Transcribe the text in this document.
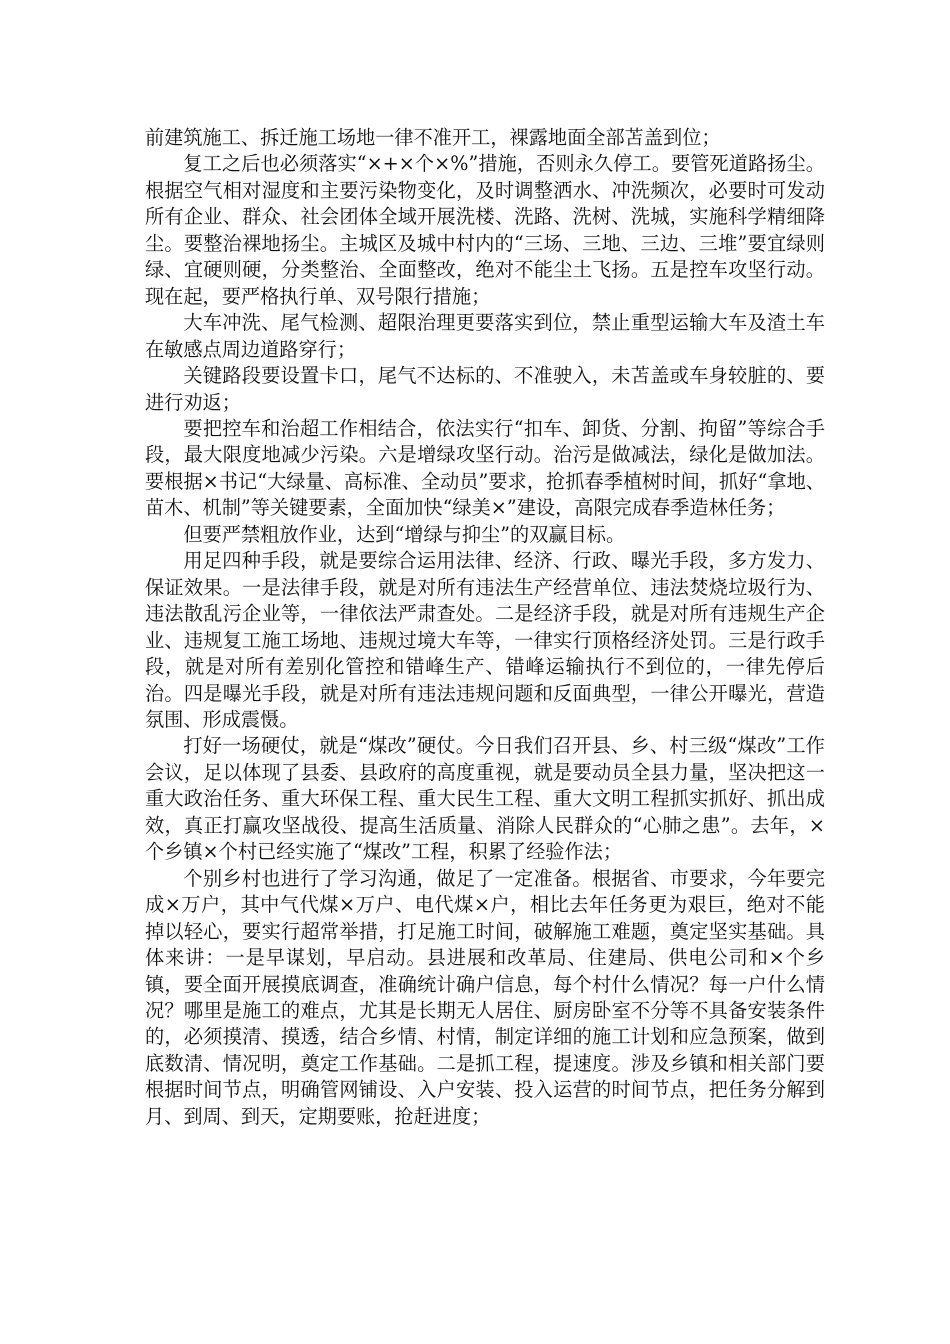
前建筑施工、拆迁施工场地一律不准开工，裸露地面全部苫盖到位；

复工之后也必须落实“×+×个×%”措施，否则永久停工。要管死道路扬尘。根据空气相对湿度和主要污染物变化，及时调整洒水、冲洗频次，必要时可发动所有企业、群众、社会团体全域开展洗楼、洗路、洗树、洗城，实施科学精细降尘。要整治裸地扬尘。主城区及城中村内的“三场、三地、三边、三堆”要宜绿则绿、宜硬则硬，分类整治、全面整改，绝对不能尘土飞扬。五是控车攻坚行动。现在起，要严格执行单、双号限行措施；

大车冲洗、尾气检测、超限治理更要落实到位，禁止重型运输大车及渣土车在敏感点周边道路穿行；

关键路段要设置卡口，尾气不达标的、不准驶入，未苫盖或车身较脏的、要进行劝返；

要把控车和治超工作相结合，依法实行“扣车、卸货、分割、拘留”等综合手段，最大限度地减少污染。六是增绿攻坚行动。治污是做减法，绿化是做加法。要根据×书记“大绿量、高标准、全动员”要求，抢抓春季植树时间，抓好“拿地、苗木、机制”等关键要素，全面加快“绿美×”建设，高限完成春季造林任务；

但要严禁粗放作业，达到“增绿与抑尘”的双赢目标。

用足四种手段，就是要综合运用法律、经济、行政、曝光手段，多方发力、保证效果。一是法律手段，就是对所有违法生产经营单位、违法焚烧垃圾行为、违法散乱污企业等，一律依法严肃查处。二是经济手段，就是对所有违规生产企业、违规复工施工场地、违规过境大车等，一律实行顶格经济处罚。三是行政手段，就是对所有差别化管控和错峰生产、错峰运输执行不到位的，一律先停后治。四是曝光手段，就是对所有违法违规问题和反面典型，一律公开曝光，营造氛围、形成震慑。

打好一场硬仗，就是“煤改”硬仗。今日我们召开县、乡、村三级“煤改”工作会议，足以体现了县委、县政府的高度重视，就是要动员全县力量，坚决把这一重大政治任务、重大环保工程、重大民生工程、重大文明工程抓实抓好、抓出成效，真正打赢攻坚战役、提高生活质量、消除人民群众的“心肺之患”。去年，×个乡镇×个村已经实施了“煤改”工程，积累了经验作法；

个别乡村也进行了学习沟通，做足了一定准备。根据省、市要求，今年要完成×万户，其中气代煤×万户、电代煤×户，相比去年任务更为艰巨，绝对不能掉以轻心，要实行超常举措，打足施工时间，破解施工难题，奠定坚实基础。具体来讲：一是早谋划，早启动。县进展和改革局、住建局、供电公司和×个乡镇，要全面开展摸底调查，准确统计确户信息，每个村什么情况？每一户什么情况？哪里是施工的难点，尤其是长期无人居住、厨房卧室不分等不具备安装条件的，必须摸清、摸透，结合乡情、村情，制定详细的施工计划和应急预案，做到底数清、情况明，奠定工作基础。二是抓工程，提速度。涉及乡镇和相关部门要根据时间节点，明确管网铺设、入户安装、投入运营的时间节点，把任务分解到月、到周、到天，定期要账，抢赶进度；
